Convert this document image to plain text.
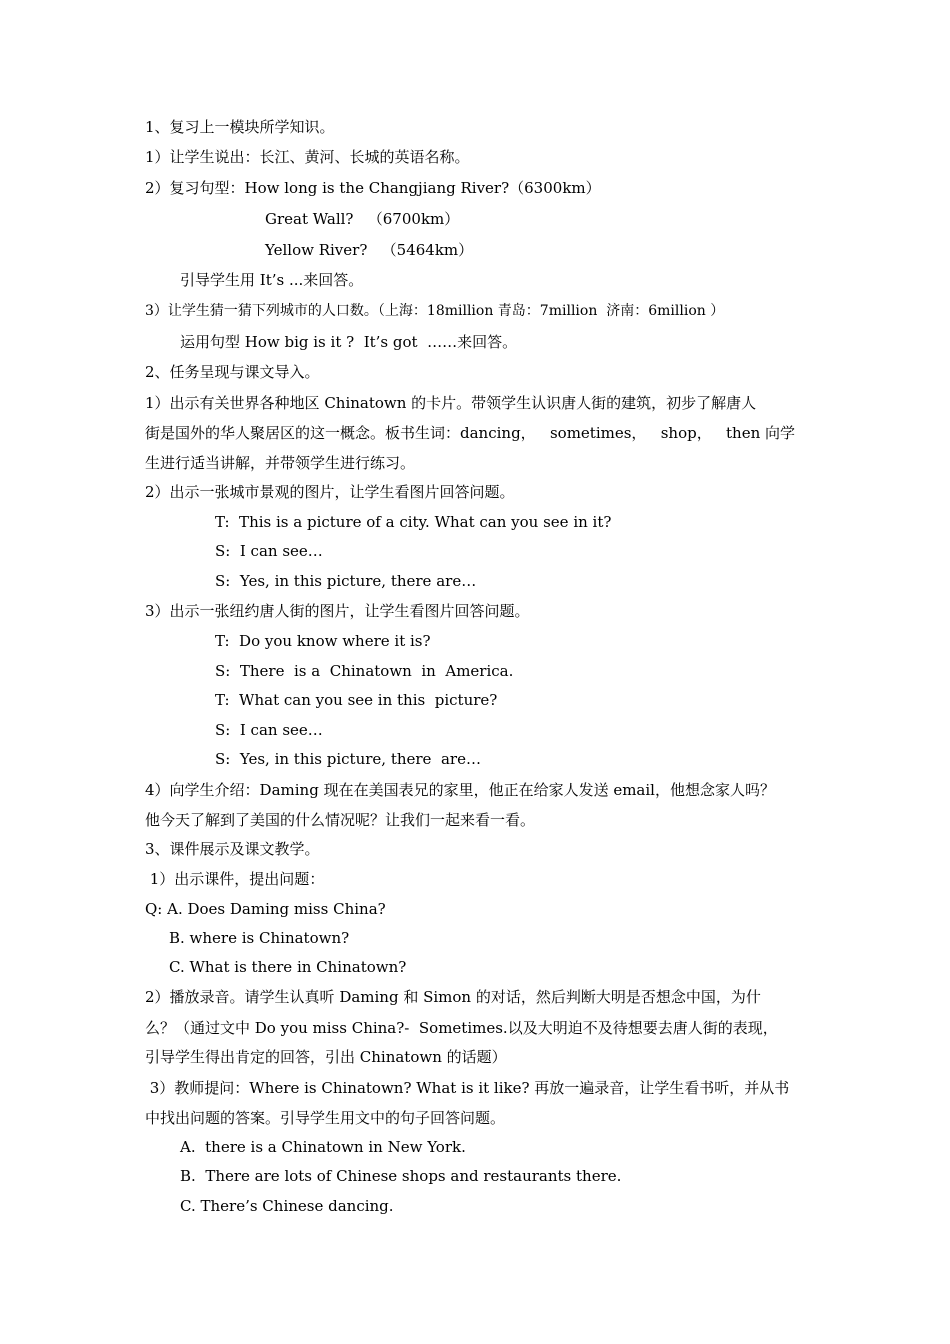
1、复习上一模块所学知识。
1）让学生说出：长江、黄河、长城的英语名称。
2）复习句型：How long is the Changjiang River?（6300km）
Great Wall?   （6700km）
Yellow River?   （5464km）
引导学生用 It’s ...来回答。
3）让学生猜一猜下列城市的人口数。（上海：18million 青岛：7million  济南：6million ）
运用句型 How big is it ?  It’s got  ……来回答。
2、任务呈现与课文导入。
1）出示有关世界各种地区 Chinatown 的卡片。带领学生认识唐人街的建筑，初步了解唐人
街是国外的华人聚居区的这一概念。板书生词：dancing，   sometimes，   shop，   then 向学
生进行适当讲解，并带领学生进行练习。
2）出示一张城市景观的图片，让学生看图片回答问题。
T:  This is a picture of a city. What can you see in it?
S:  I can see…
S:  Yes, in this picture, there are…
3）出示一张纽约唐人街的图片，让学生看图片回答问题。
T:  Do you know where it is?
S:  There  is a  Chinatown  in  America.
T:  What can you see in this  picture?
S:  I can see…
S:  Yes, in this picture, there  are…
4）向学生介绍：Daming 现在在美国表兄的家里，他正在给家人发送 email，他想念家人吗？
他今天了解到了美国的什么情况呢？让我们一起来看一看。
3、课件展示及课文教学。
1）出示课件，提出问题：
Q: A. Does Daming miss China?
B. where is Chinatown?
C. What is there in Chinatown?
2）播放录音。请学生认真听 Daming 和 Simon 的对话，然后判断大明是否想念中国，为什
么？（通过文中 Do you miss China?-  Sometimes.以及大明迫不及待想要去唐人街的表现，
引导学生得出肯定的回答，引出 Chinatown 的话题）
3）教师提问：Where is Chinatown? What is it like? 再放一遍录音，让学生看书听，并从书
中找出问题的答案。引导学生用文中的句子回答问题。
A.  there is a Chinatown in New York.
B.  There are lots of Chinese shops and restaurants there.
C. There’s Chinese dancing.
